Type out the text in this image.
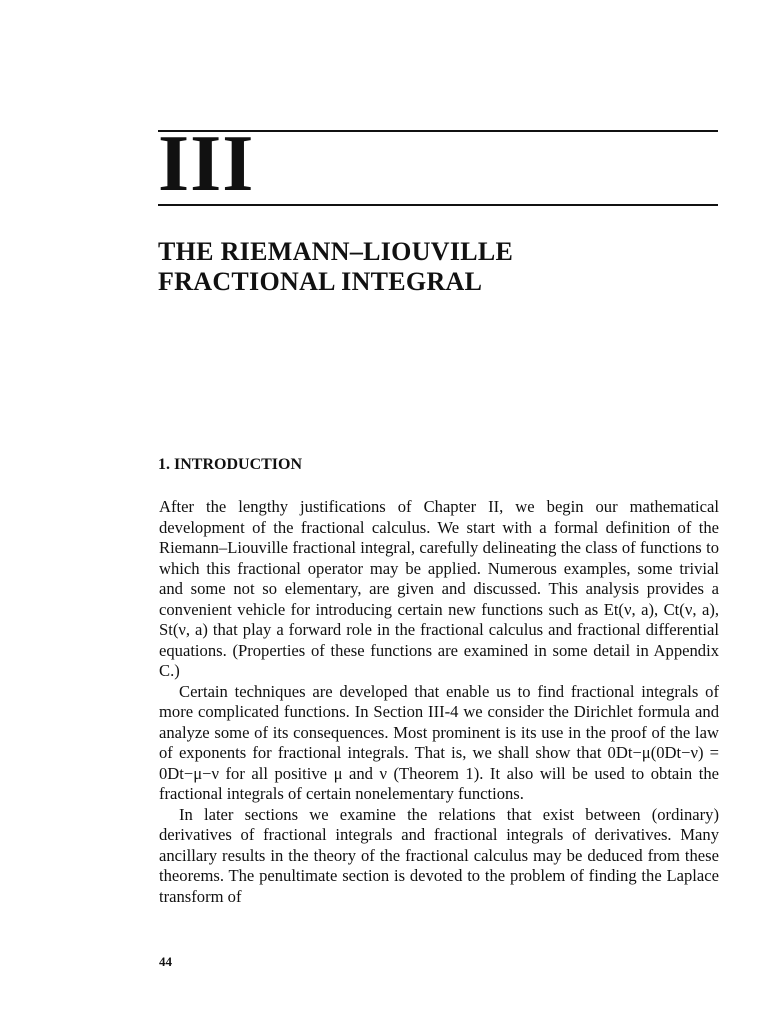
III
THE RIEMANN–LIOUVILLE
FRACTIONAL INTEGRAL
1. INTRODUCTION

After the lengthy justifications of Chapter II, we begin our mathematical development of the fractional calculus. We start with a formal definition of the Riemann–Liouville fractional integral, carefully delineating the class of functions to which this fractional operator may be applied. Numerous examples, some trivial and some not so elementary, are given and discussed. This analysis provides a convenient vehicle for introducing certain new functions such as Et(ν, a), Ct(ν, a), St(ν, a) that play a forward role in the fractional calculus and fractional differential equations. (Properties of these functions are examined in some detail in Appendix C.)

Certain techniques are developed that enable us to find fractional integrals of more complicated functions. In Section III-4 we consider the Dirichlet formula and analyze some of its consequences. Most prominent is its use in the proof of the law of exponents for fractional integrals. That is, we shall show that 0Dt−μ(0Dt−ν) = 0Dt−μ−ν for all positive μ and ν (Theorem 1). It also will be used to obtain the fractional integrals of certain nonelementary functions.

In later sections we examine the relations that exist between (ordinary) derivatives of fractional integrals and fractional integrals of derivatives. Many ancillary results in the theory of the fractional calculus may be deduced from these theorems. The penultimate section is devoted to the problem of finding the Laplace transform of

44
